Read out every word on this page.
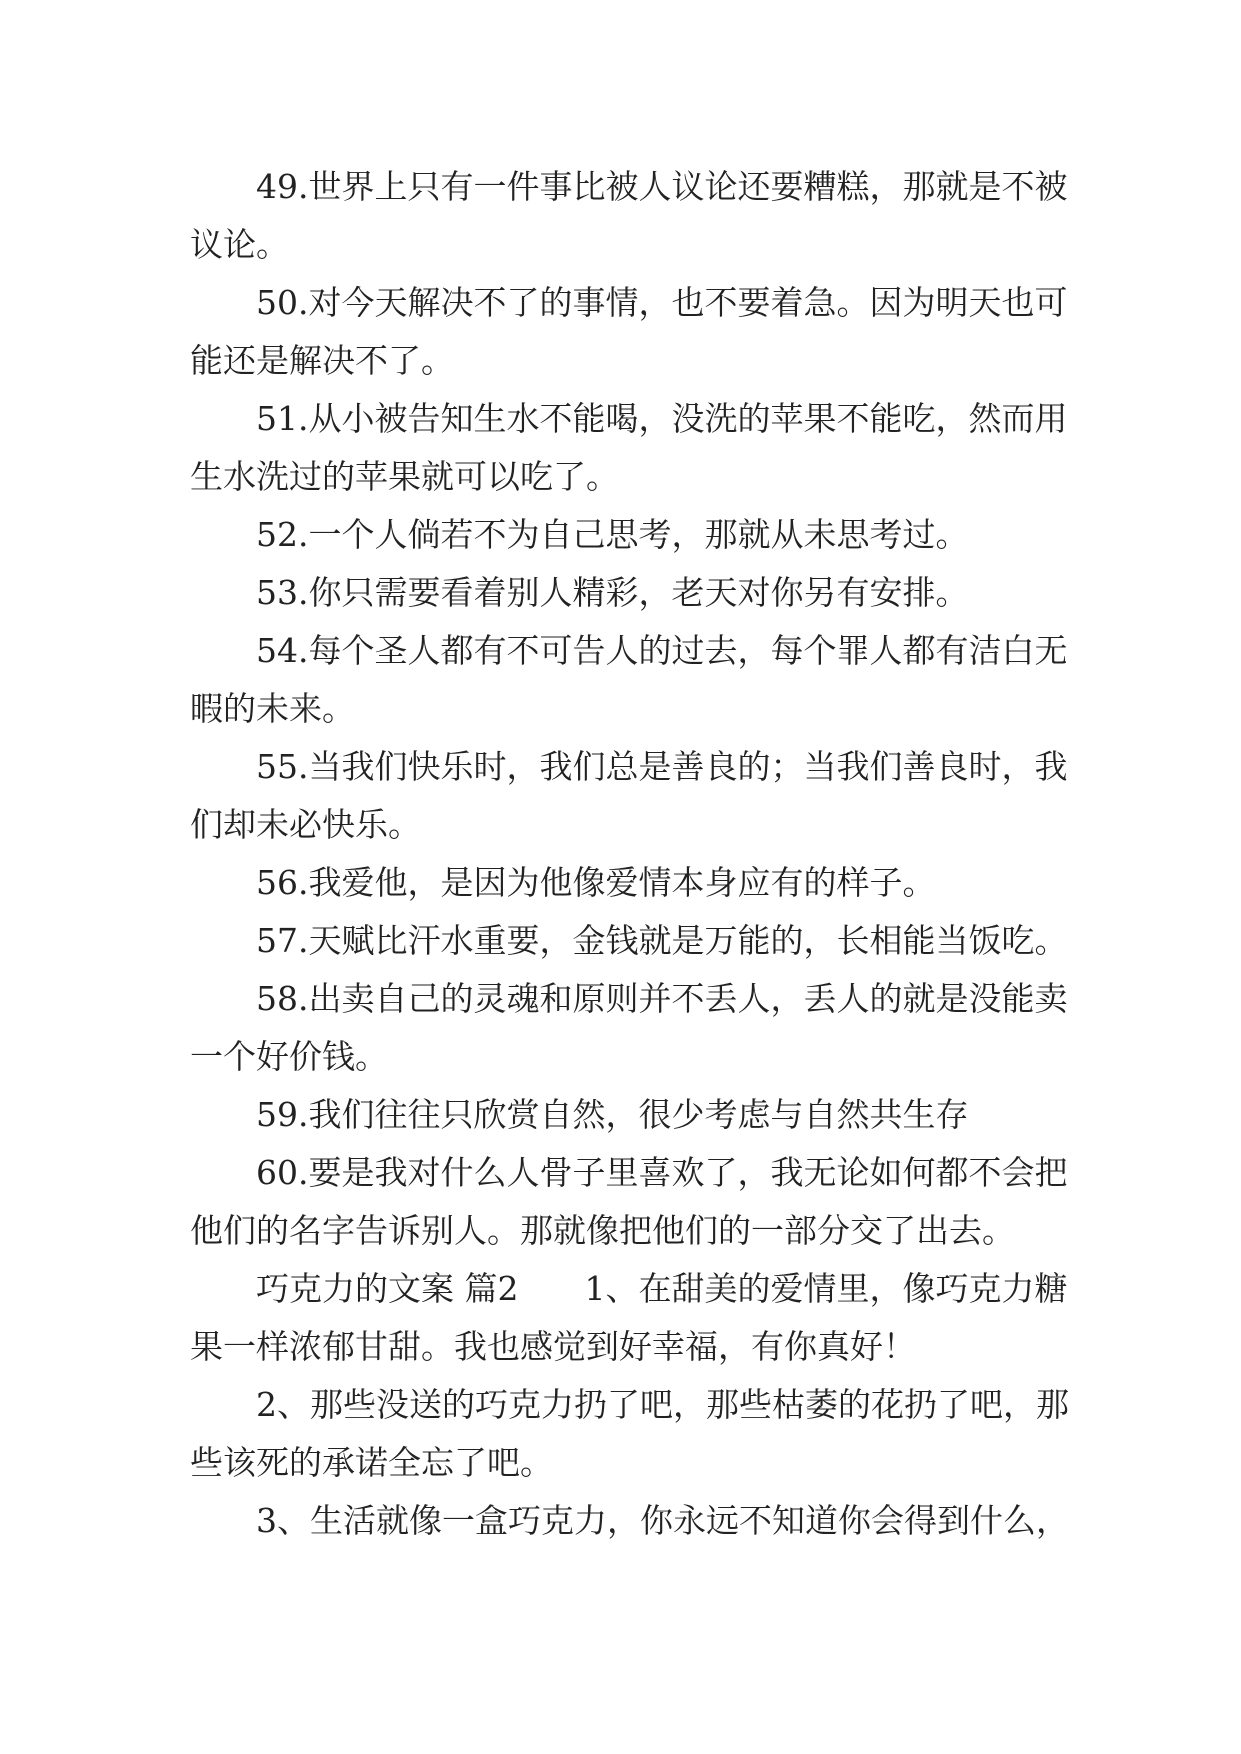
49.世界上只有一件事比被人议论还要糟糕，那就是不被议论。

50.对今天解决不了的事情，也不要着急。因为明天也可能还是解决不了。

51.从小被告知生水不能喝，没洗的苹果不能吃，然而用生水洗过的苹果就可以吃了。

52.一个人倘若不为自己思考，那就从未思考过。

53.你只需要看着别人精彩，老天对你另有安排。

54.每个圣人都有不可告人的过去，每个罪人都有洁白无暇的未来。

55.当我们快乐时，我们总是善良的；当我们善良时，我们却未必快乐。

56.我爱他，是因为他像爱情本身应有的样子。

57.天赋比汗水重要，金钱就是万能的，长相能当饭吃。

58.出卖自己的灵魂和原则并不丢人，丢人的就是没能卖一个好价钱。

59.我们往往只欣赏自然，很少考虑与自然共生存

60.要是我对什么人骨子里喜欢了，我无论如何都不会把他们的名字告诉别人。那就像把他们的一部分交了出去。

巧克力的文案 篇2　　1、在甜美的爱情里，像巧克力糖果一样浓郁甘甜。我也感觉到好幸福，有你真好！

2、那些没送的巧克力扔了吧，那些枯萎的花扔了吧，那些该死的承诺全忘了吧。

3、生活就像一盒巧克力，你永远不知道你会得到什么，
